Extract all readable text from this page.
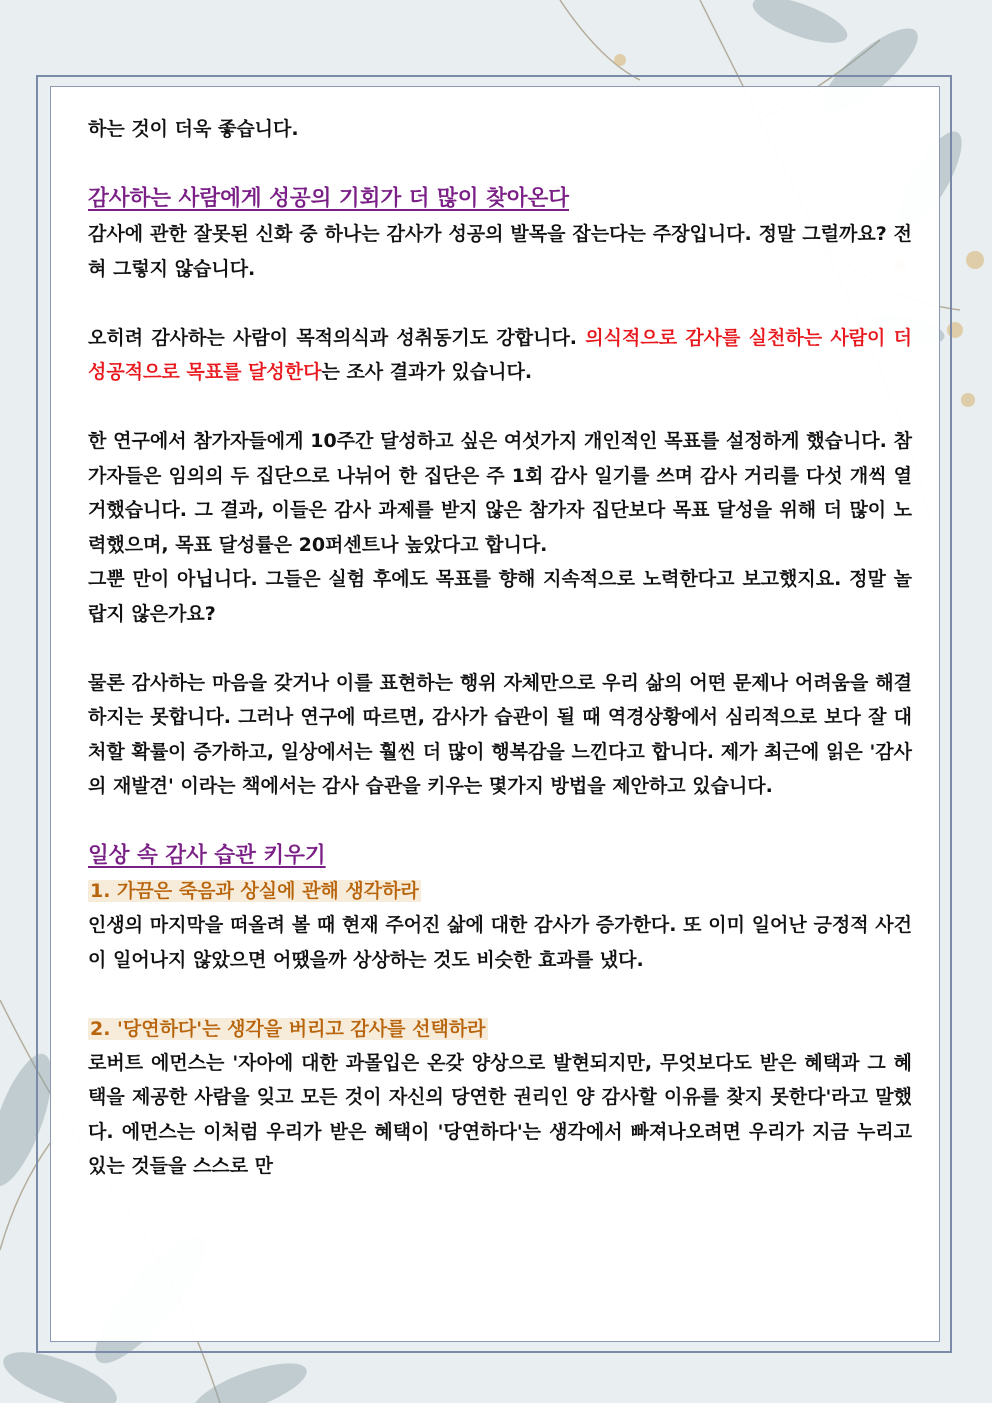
하는 것이 더욱 좋습니다.

감사하는 사람에게 성공의 기회가 더 많이 찾아온다

감사에 관한 잘못된 신화 중 하나는 감사가 성공의 발목을 잡는다는 주장입니다. 정말 그럴까요? 전혀 그렇지 않습니다.

오히려 감사하는 사람이 목적의식과 성취동기도 강합니다. 의식적으로 감사를 실천하는 사람이 더 성공적으로 목표를 달성한다는 조사 결과가 있습니다.

한 연구에서 참가자들에게 10주간 달성하고 싶은 여섯가지 개인적인 목표를 설정하게 했습니다. 참가자들은 임의의 두 집단으로 나뉘어 한 집단은 주 1회 감사 일기를 쓰며 감사 거리를 다섯 개씩 열거했습니다. 그 결과, 이들은 감사 과제를 받지 않은 참가자 집단보다 목표 달성을 위해 더 많이 노력했으며, 목표 달성률은 20퍼센트나 높았다고 합니다.

그뿐 만이 아닙니다. 그들은 실험 후에도 목표를 향해 지속적으로 노력한다고 보고했지요. 정말 놀랍지 않은가요?

물론 감사하는 마음을 갖거나 이를 표현하는 행위 자체만으로 우리 삶의 어떤 문제나 어려움을 해결하지는 못합니다. 그러나 연구에 따르면, 감사가 습관이 될 때 역경상황에서 심리적으로 보다 잘 대처할 확률이 증가하고, 일상에서는 훨씬 더 많이 행복감을 느낀다고 합니다. 제가 최근에 읽은 '감사의 재발견' 이라는 책에서는 감사 습관을 키우는 몇가지 방법을 제안하고 있습니다.

일상 속 감사 습관 키우기

1. 가끔은 죽음과 상실에 관해 생각하라

인생의 마지막을 떠올려 볼 때 현재 주어진 삶에 대한 감사가 증가한다. 또 이미 일어난 긍정적 사건이 일어나지 않았으면 어땠을까 상상하는 것도 비슷한 효과를 냈다.

2. '당연하다'는 생각을 버리고 감사를 선택하라

로버트 에먼스는 '자아에 대한 과몰입은 온갖 양상으로 발현되지만, 무엇보다도 받은 혜택과 그 혜택을 제공한 사람을 잊고 모든 것이 자신의 당연한 권리인 양 감사할 이유를 찾지 못한다'라고 말했다. 에먼스는 이처럼 우리가 받은 혜택이 '당연하다'는 생각에서 빠져나오려면 우리가 지금 누리고 있는 것들을 스스로 만
